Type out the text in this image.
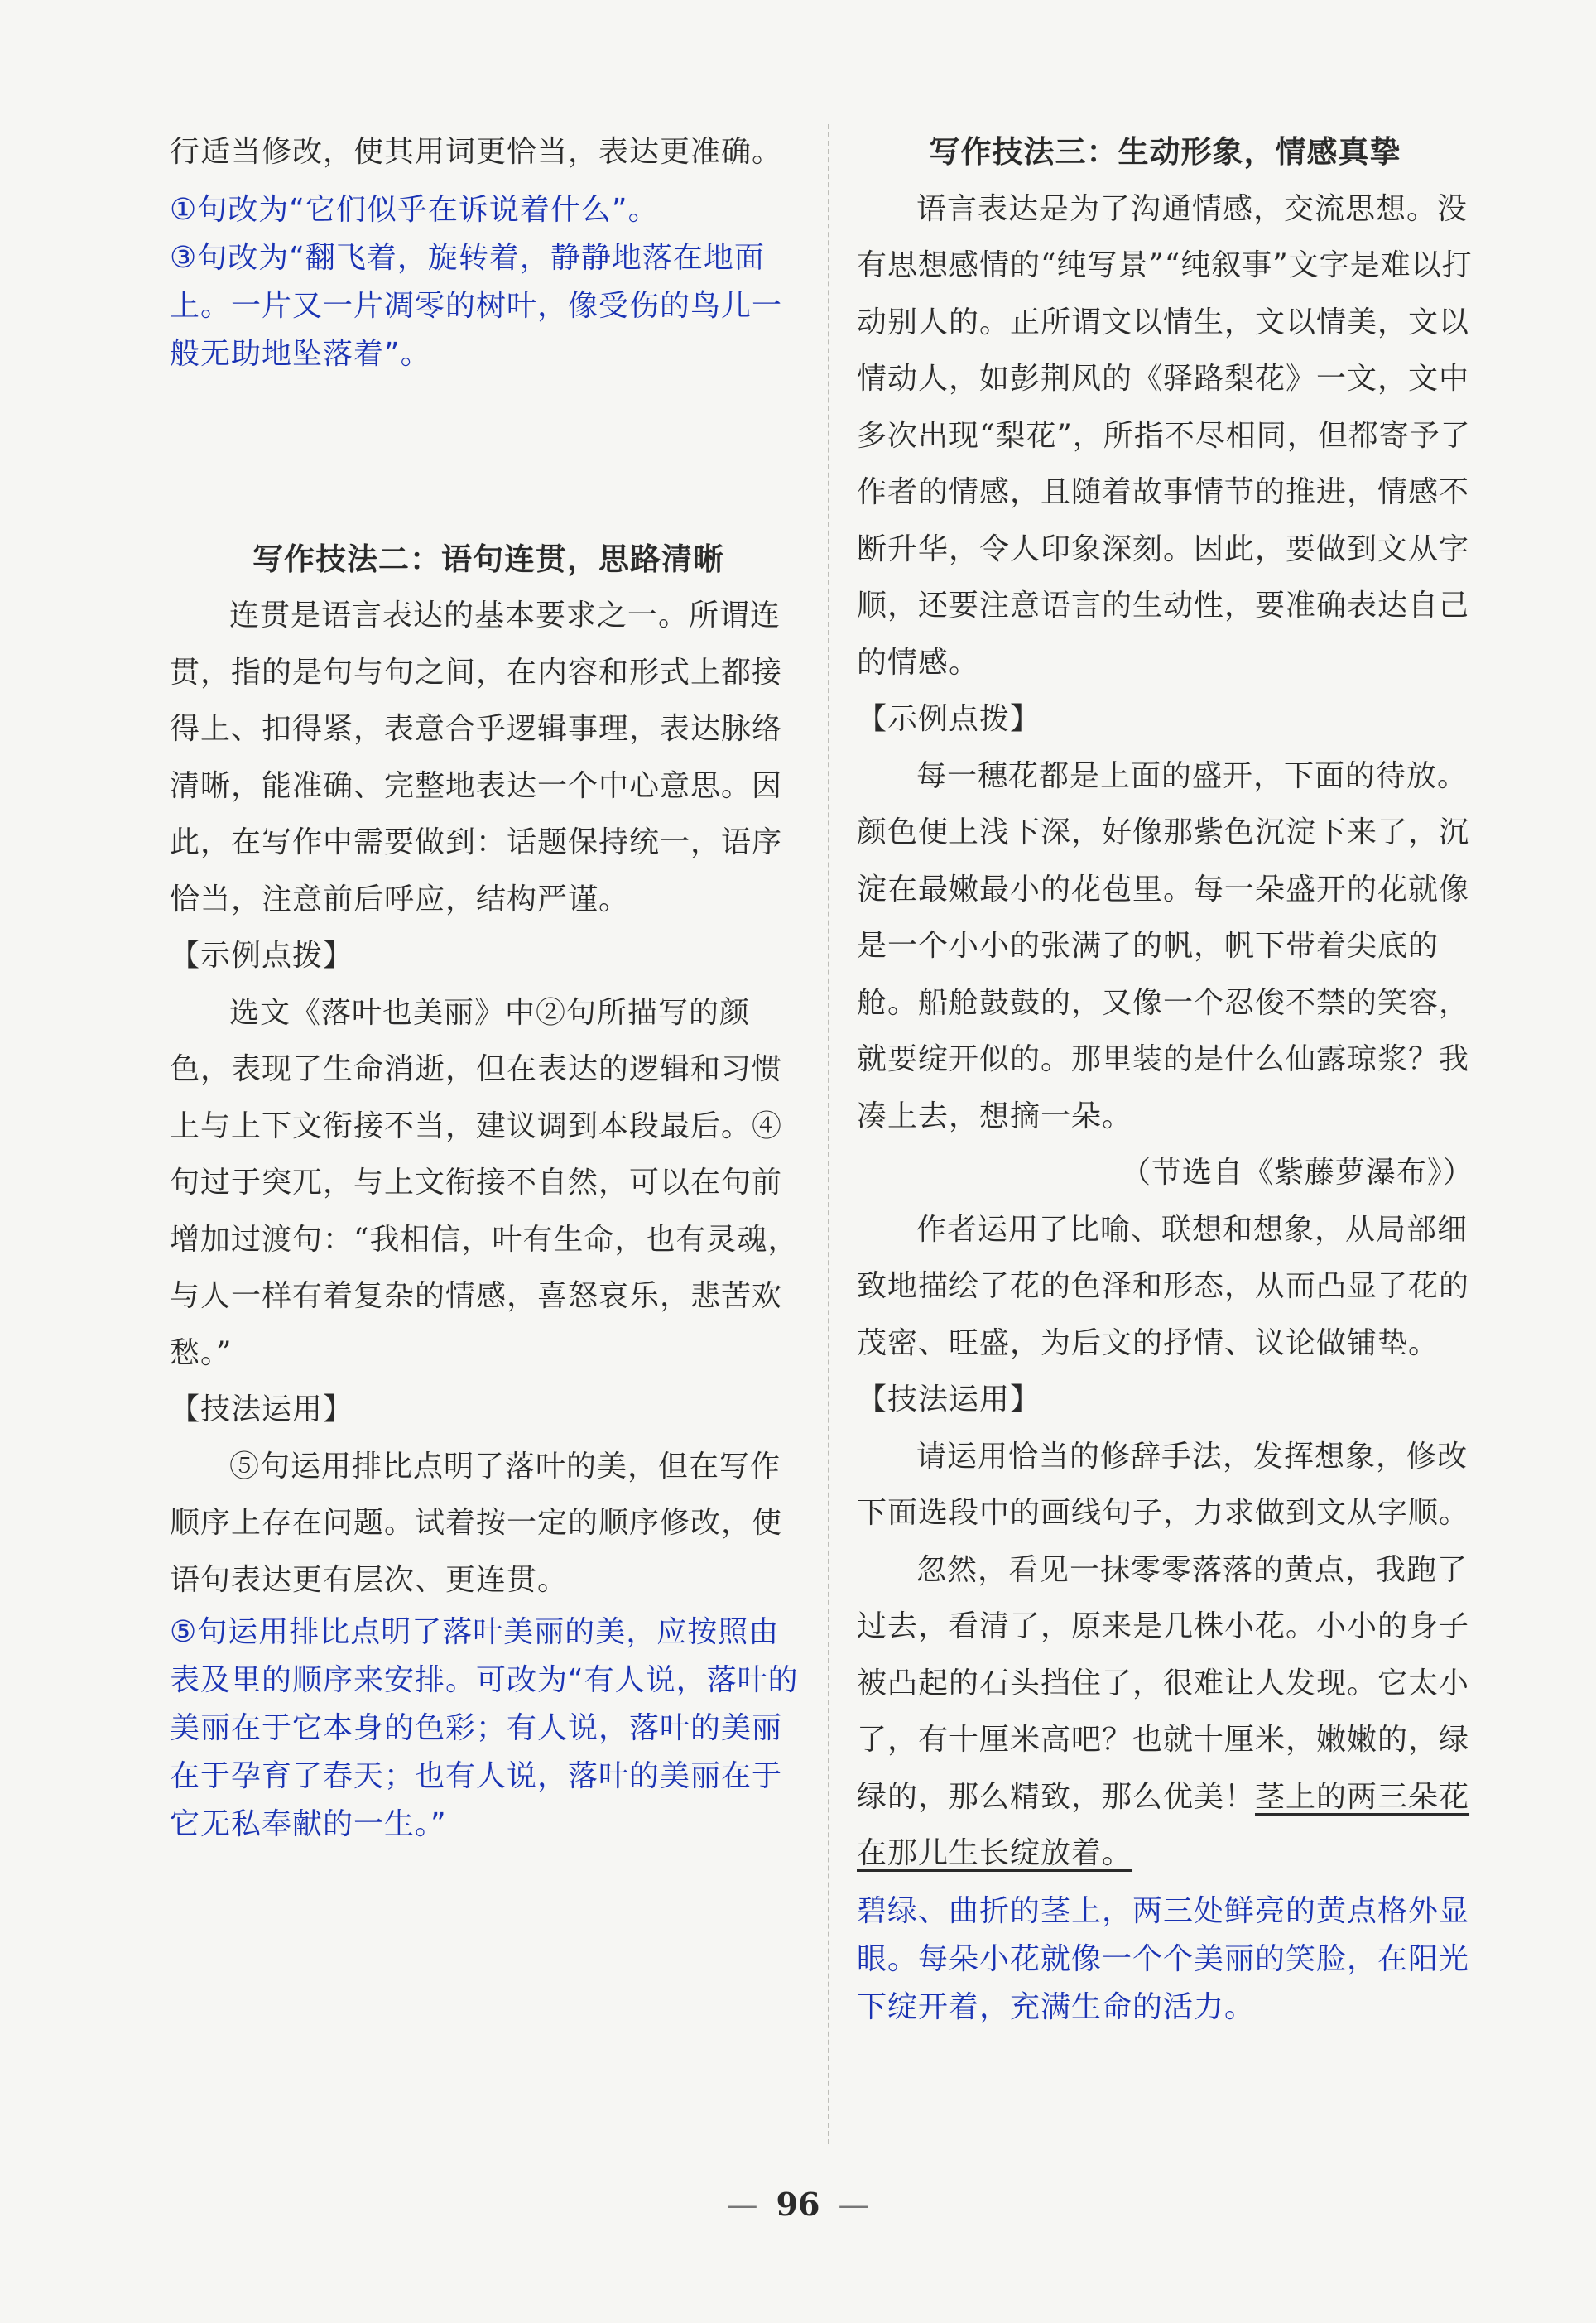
行适当修改，使其用词更恰当，表达更准确。

①句改为“它们似乎在诉说着什么”。

③句改为“翻飞着，旋转着，静静地落在地面上。一片又一片凋零的树叶，像受伤的鸟儿一般无助地坠落着”。

写作技法二：语句连贯，思路清晰

连贯是语言表达的基本要求之一。所谓连贯，指的是句与句之间，在内容和形式上都接得上、扣得紧，表意合乎逻辑事理，表达脉络清晰，能准确、完整地表达一个中心意思。因此，在写作中需要做到：话题保持统一，语序恰当，注意前后呼应，结构严谨。

【示例点拨】

选文《落叶也美丽》中②句所描写的颜色，表现了生命消逝，但在表达的逻辑和习惯上与上下文衔接不当，建议调到本段最后。④句过于突兀，与上文衔接不自然，可以在句前增加过渡句：“我相信，叶有生命，也有灵魂，与人一样有着复杂的情感，喜怒哀乐，悲苦欢愁。”

【技法运用】

⑤句运用排比点明了落叶的美，但在写作顺序上存在问题。试着按一定的顺序修改，使语句表达更有层次、更连贯。

⑤句运用排比点明了落叶美丽的美，应按照由表及里的顺序来安排。可改为“有人说，落叶的美丽在于它本身的色彩；有人说，落叶的美丽在于孕育了春天；也有人说，落叶的美丽在于它无私奉献的一生。”

写作技法三：生动形象，情感真挚

语言表达是为了沟通情感，交流思想。没有思想感情的“纯写景”“纯叙事”文字是难以打动别人的。正所谓文以情生，文以情美，文以情动人，如彭荆风的《驿路梨花》一文，文中多次出现“梨花”，所指不尽相同，但都寄予了作者的情感，且随着故事情节的推进，情感不断升华，令人印象深刻。因此，要做到文从字顺，还要注意语言的生动性，要准确表达自己的情感。

【示例点拨】

每一穗花都是上面的盛开，下面的待放。颜色便上浅下深，好像那紫色沉淀下来了，沉淀在最嫩最小的花苞里。每一朵盛开的花就像是一个小小的张满了的帆，帆下带着尖底的舱。船舱鼓鼓的，又像一个忍俊不禁的笑容，就要绽开似的。那里装的是什么仙露琼浆？我凑上去，想摘一朵。

（节选自《紫藤萝瀑布》）

作者运用了比喻、联想和想象，从局部细致地描绘了花的色泽和形态，从而凸显了花的茂密、旺盛，为后文的抒情、议论做铺垫。

【技法运用】

请运用恰当的修辞手法，发挥想象，修改下面选段中的画线句子，力求做到文从字顺。

忽然，看见一抹零零落落的黄点，我跑了过去，看清了，原来是几株小花。小小的身子被凸起的石头挡住了，很难让人发现。它太小了，有十厘米高吧？也就十厘米，嫩嫩的，绿绿的，那么精致，那么优美！茎上的两三朵花在那儿生长绽放着。

碧绿、曲折的茎上，两三处鲜亮的黄点格外显眼。每朵小花就像一个个美丽的笑脸，在阳光下绽开着，充满生命的活力。

— 96 —
